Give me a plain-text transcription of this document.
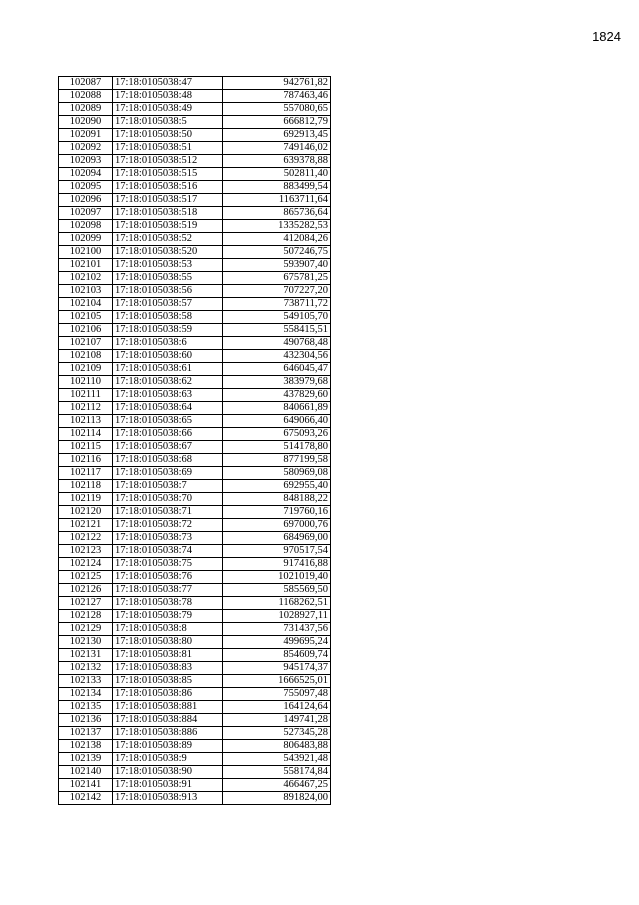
1824
102087	17:18:0105038:47	942761,82
102088	17:18:0105038:48	787463,46
102089	17:18:0105038:49	557080,65
102090	17:18:0105038:5	666812,79
102091	17:18:0105038:50	692913,45
102092	17:18:0105038:51	749146,02
102093	17:18:0105038:512	639378,88
102094	17:18:0105038:515	502811,40
102095	17:18:0105038:516	883499,54
102096	17:18:0105038:517	1163711,64
102097	17:18:0105038:518	865736,64
102098	17:18:0105038:519	1335282,53
102099	17:18:0105038:52	412084,26
102100	17:18:0105038:520	507246,75
102101	17:18:0105038:53	593907,40
102102	17:18:0105038:55	675781,25
102103	17:18:0105038:56	707227,20
102104	17:18:0105038:57	738711,72
102105	17:18:0105038:58	549105,70
102106	17:18:0105038:59	558415,51
102107	17:18:0105038:6	490768,48
102108	17:18:0105038:60	432304,56
102109	17:18:0105038:61	646045,47
102110	17:18:0105038:62	383979,68
102111	17:18:0105038:63	437829,60
102112	17:18:0105038:64	840661,89
102113	17:18:0105038:65	649066,40
102114	17:18:0105038:66	675093,26
102115	17:18:0105038:67	514178,80
102116	17:18:0105038:68	877199,58
102117	17:18:0105038:69	580969,08
102118	17:18:0105038:7	692955,40
102119	17:18:0105038:70	848188,22
102120	17:18:0105038:71	719760,16
102121	17:18:0105038:72	697000,76
102122	17:18:0105038:73	684969,00
102123	17:18:0105038:74	970517,54
102124	17:18:0105038:75	917416,88
102125	17:18:0105038:76	1021019,40
102126	17:18:0105038:77	585569,50
102127	17:18:0105038:78	1168262,51
102128	17:18:0105038:79	1028927,11
102129	17:18:0105038:8	731437,56
102130	17:18:0105038:80	499695,24
102131	17:18:0105038:81	854609,74
102132	17:18:0105038:83	945174,37
102133	17:18:0105038:85	1666525,01
102134	17:18:0105038:86	755097,48
102135	17:18:0105038:881	164124,64
102136	17:18:0105038:884	149741,28
102137	17:18:0105038:886	527345,28
102138	17:18:0105038:89	806483,88
102139	17:18:0105038:9	543921,48
102140	17:18:0105038:90	558174,84
102141	17:18:0105038:91	466467,25
102142	17:18:0105038:913	891824,00
